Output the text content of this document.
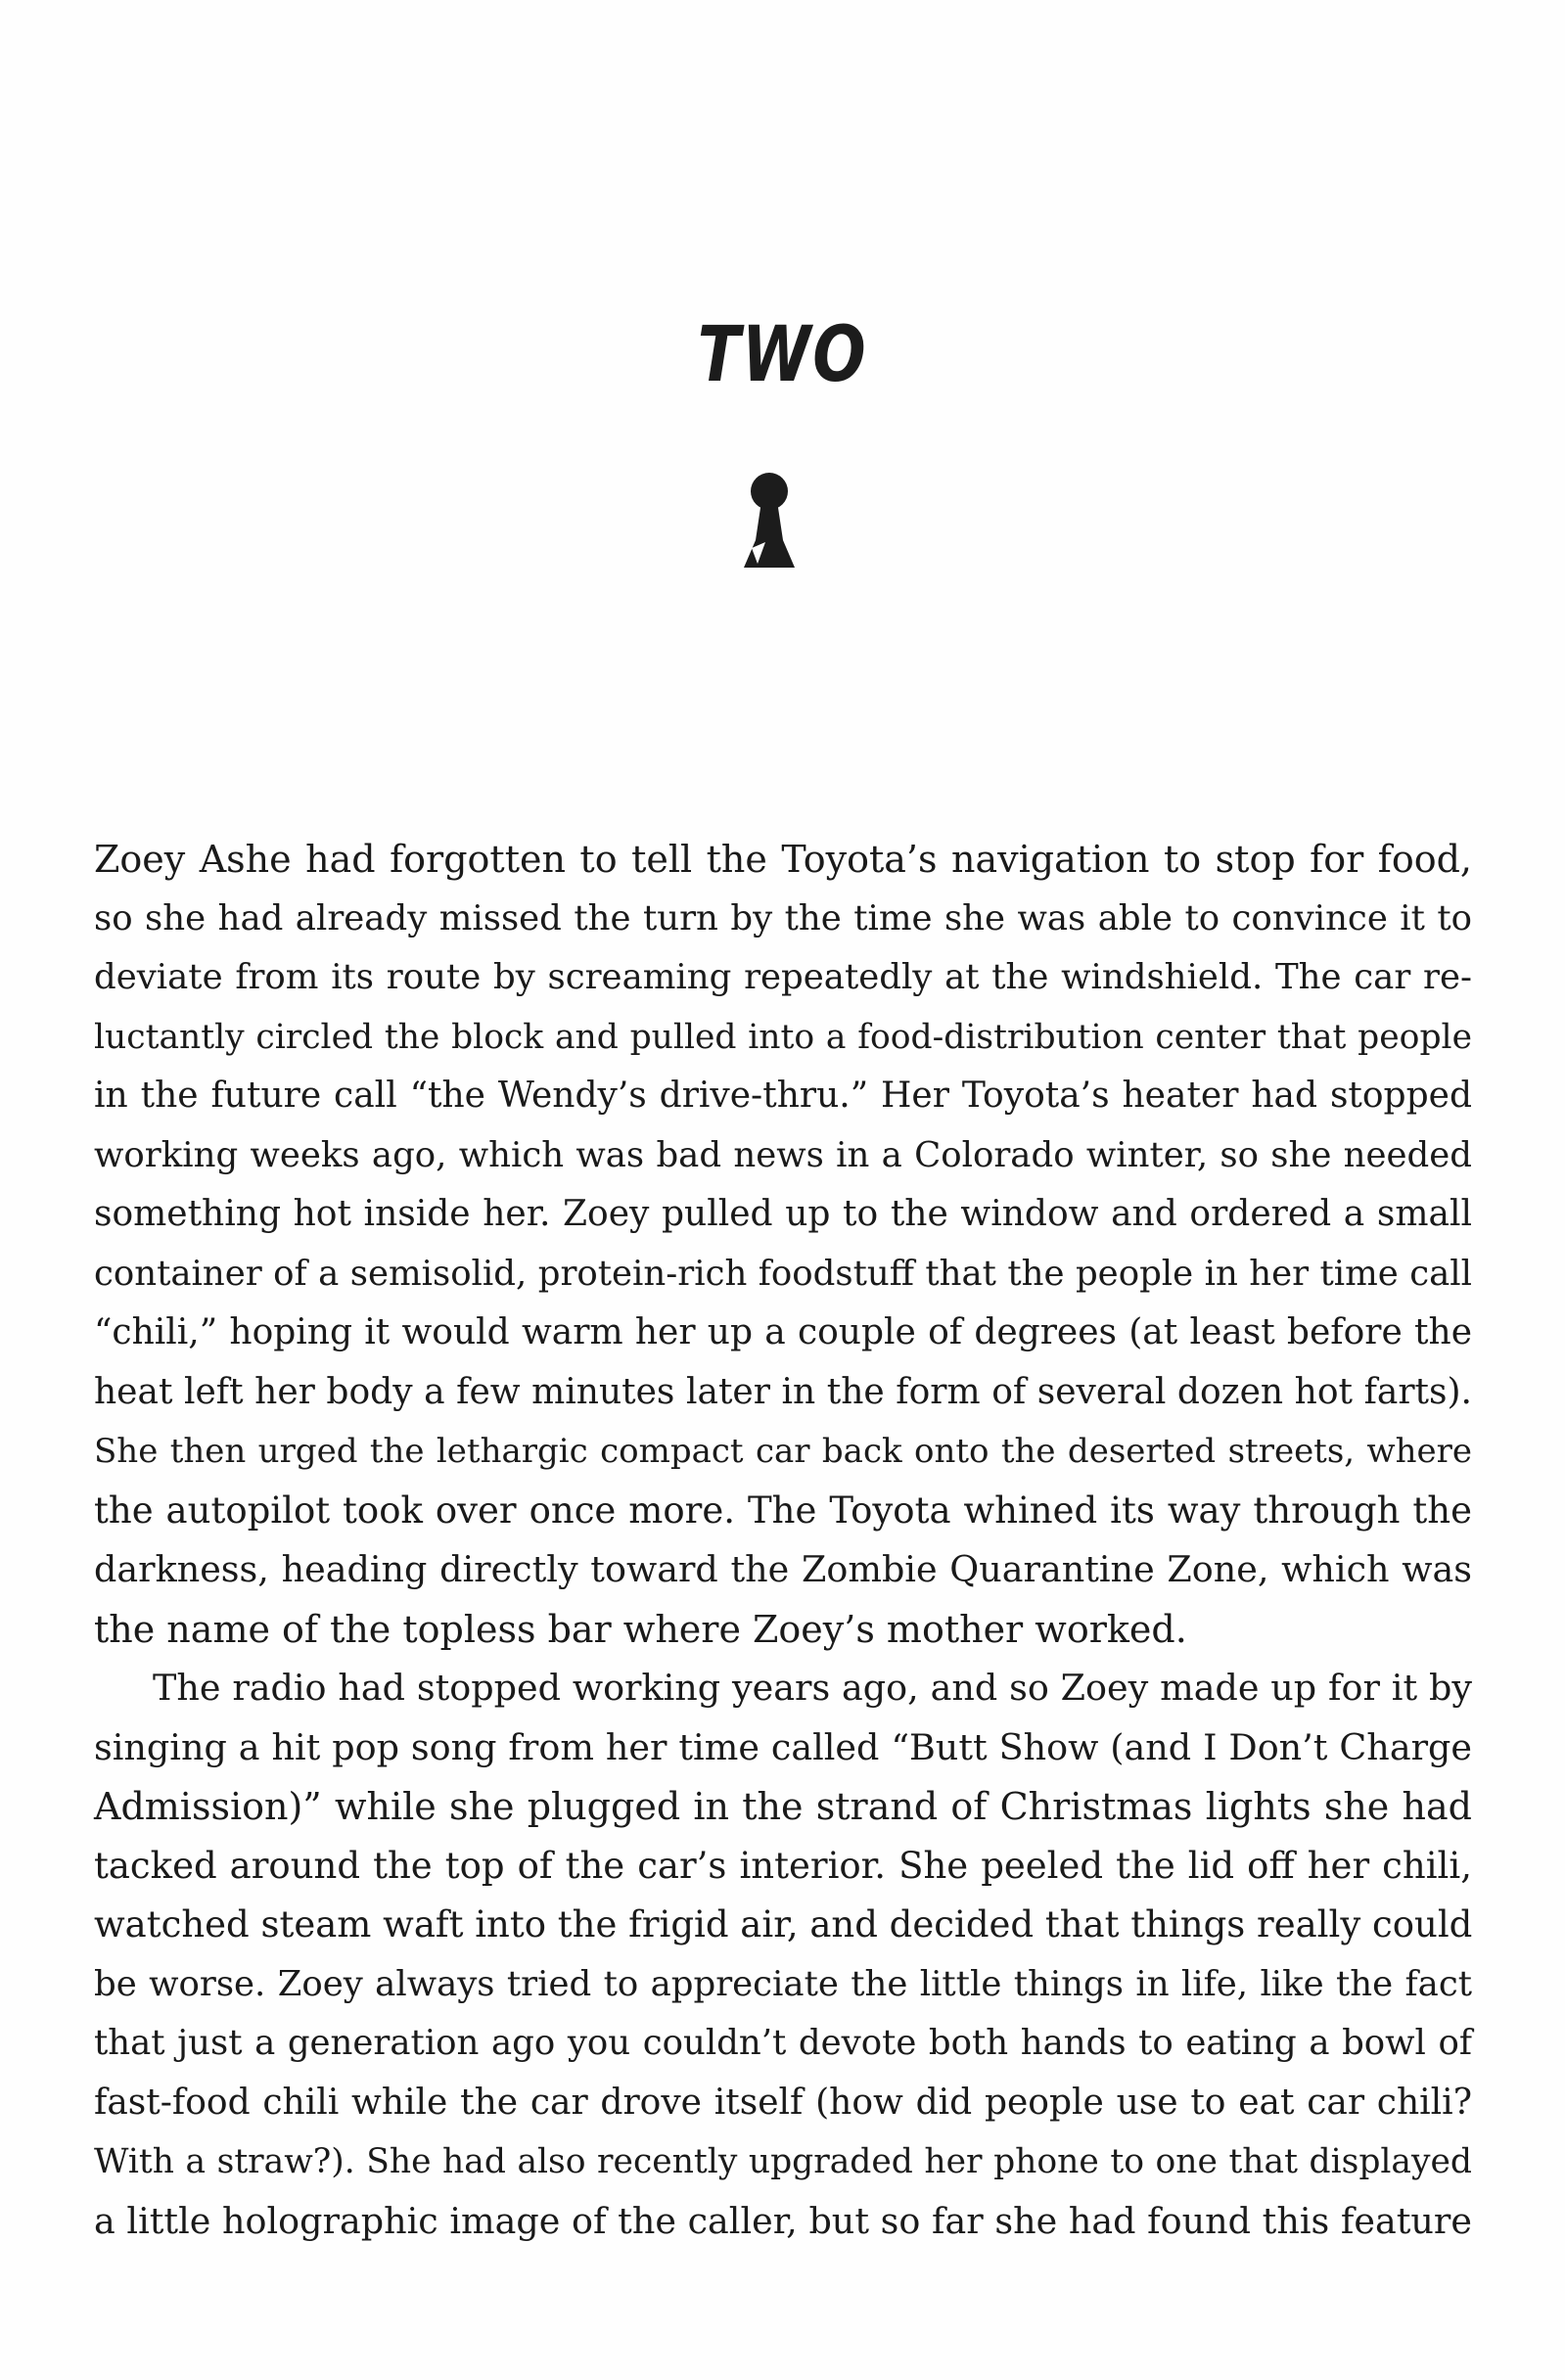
TWO
Zoey Ashe had forgotten to tell the Toyota’s navigation to stop for food,
so she had already missed the turn by the time she was able to convince it to
deviate from its route by screaming repeatedly at the windshield. The car re-
luctantly circled the block and pulled into a food-distribution center that people
in the future call “the Wendy’s drive-thru.” Her Toyota’s heater had stopped
working weeks ago, which was bad news in a Colorado winter, so she needed
something hot inside her. Zoey pulled up to the window and ordered a small
container of a semisolid, protein-rich foodstuff that the people in her time call
“chili,” hoping it would warm her up a couple of degrees (at least before the
heat left her body a few minutes later in the form of several dozen hot farts).
She then urged the lethargic compact car back onto the deserted streets, where
the autopilot took over once more. The Toyota whined its way through the
darkness, heading directly toward the Zombie Quarantine Zone, which was
the name of the topless bar where Zoey’s mother worked.
The radio had stopped working years ago, and so Zoey made up for it by
singing a hit pop song from her time called “Butt Show (and I Don’t Charge
Admission)” while she plugged in the strand of Christmas lights she had
tacked around the top of the car’s interior. She peeled the lid off her chili,
watched steam waft into the frigid air, and decided that things really could
be worse. Zoey always tried to appreciate the little things in life, like the fact
that just a generation ago you couldn’t devote both hands to eating a bowl of
fast-food chili while the car drove itself (how did people use to eat car chili?
With a straw?). She had also recently upgraded her phone to one that displayed
a little holographic image of the caller, but so far she had found this feature
